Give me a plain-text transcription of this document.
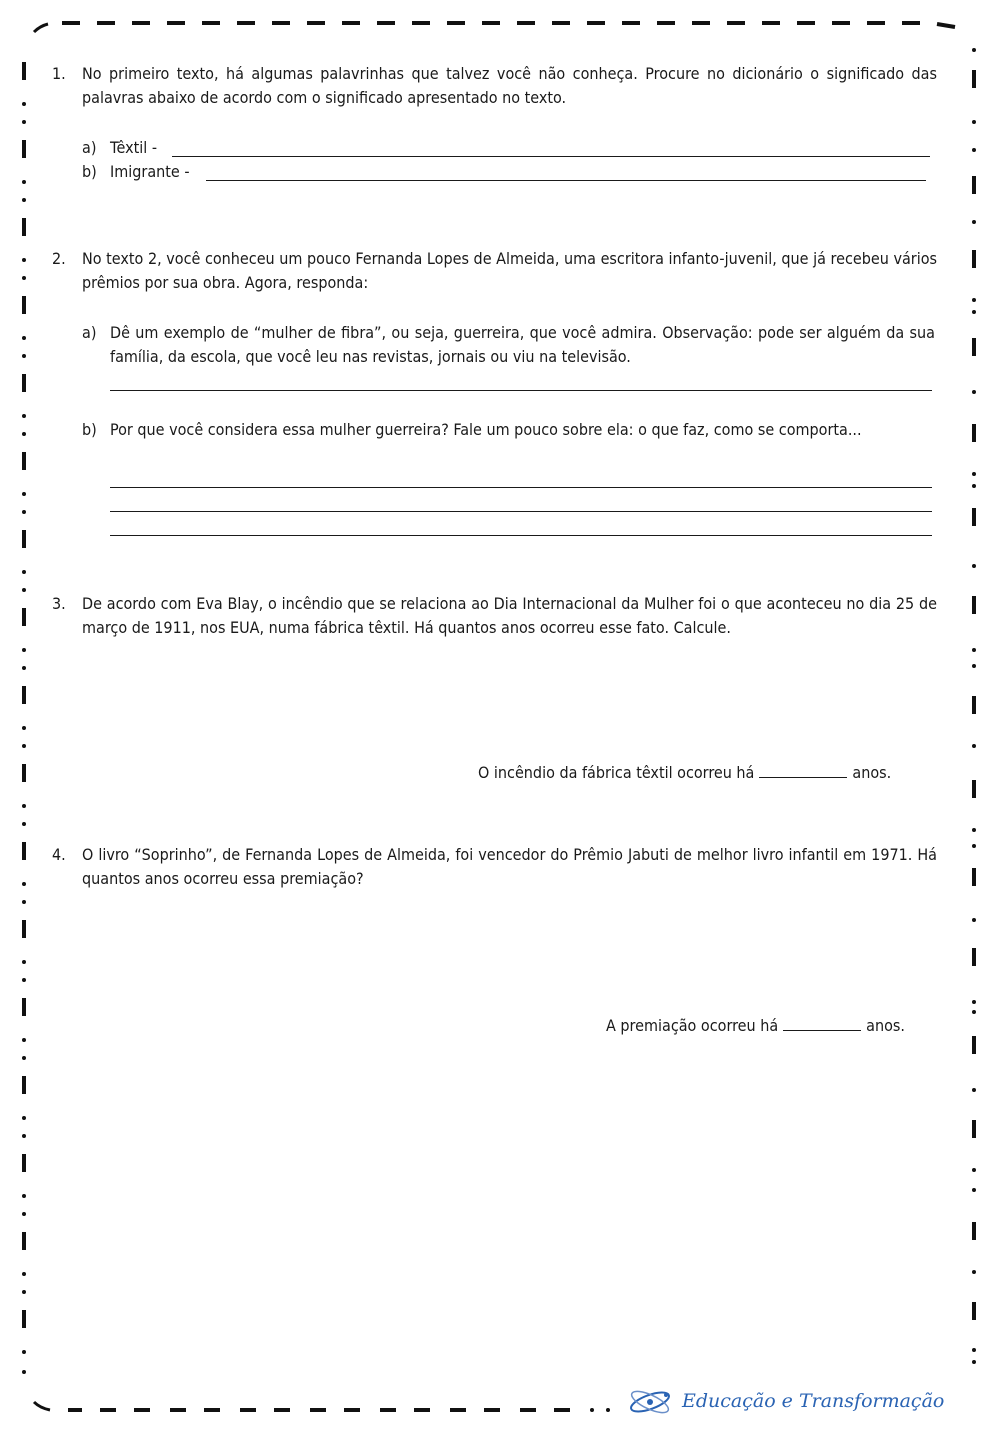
1.	No primeiro texto, há algumas palavrinhas que talvez você não conheça. Procure no dicionário o significado das palavras abaixo de acordo com o significado apresentado no texto.
a) Têxtil -
b) Imigrante -
2.	No texto 2, você conheceu um pouco Fernanda Lopes de Almeida, uma escritora infanto-juvenil, que já recebeu vários prêmios por sua obra. Agora, responda:
a) Dê um exemplo de “mulher de fibra”, ou seja, guerreira, que você admira. Observação: pode ser alguém da sua família, da escola, que você leu nas revistas, jornais ou viu na televisão.
b) Por que você considera essa mulher guerreira? Fale um pouco sobre ela: o que faz, como se comporta...
3.	De acordo com Eva Blay, o incêndio que se relaciona ao Dia Internacional da Mulher foi o que aconteceu no dia 25 de março de 1911, nos EUA, numa fábrica têxtil. Há quantos anos ocorreu esse fato. Calcule.
O incêndio da fábrica têxtil ocorreu há	anos.
4.	O livro “Soprinho”, de Fernanda Lopes de Almeida, foi vencedor do Prêmio Jabuti de melhor livro infantil em 1971. Há quantos anos ocorreu essa premiação?
A premiação ocorreu há	anos.
Educação e Transformação
